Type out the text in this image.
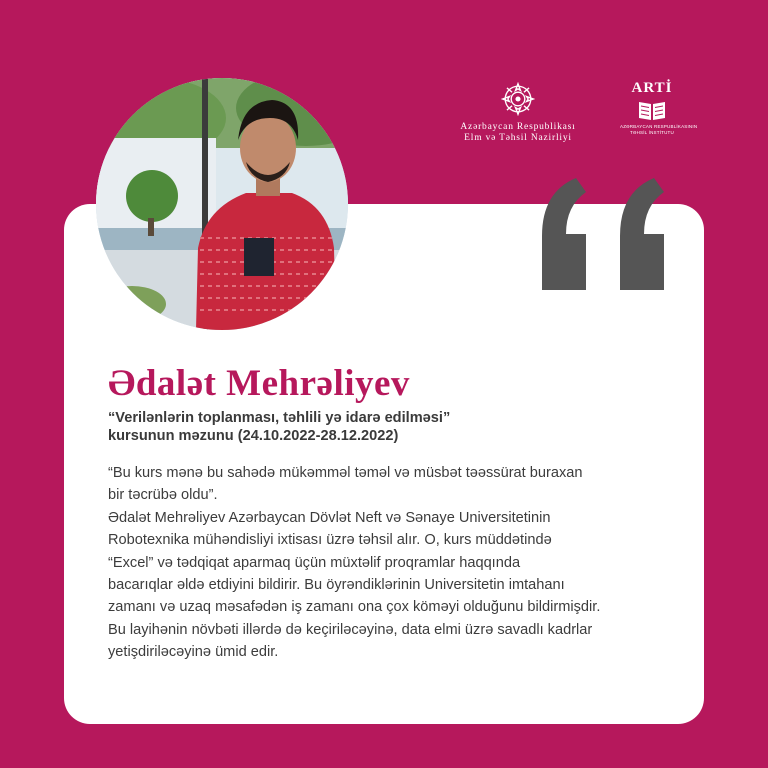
Azərbaycan Respublikası
Elm və Təhsil Nazirliyi
ARTİ
AZƏRBAYCAN RESPUBLİKASININ
TƏHSİL İNSTİTUTU
Ədalət Mehrəliyev
“Verilənlərin toplanması, təhlili yə idarə edilməsi”
kursunun məzunu (24.10.2022-28.12.2022)
“Bu kurs mənə bu sahədə mükəmməl təməl və müsbət təəssürat buraxan
bir təcrübə oldu”.
Ədalət Mehrəliyev Azərbaycan Dövlət Neft və Sənaye Universitetinin
Robotexnika mühəndisliyi ixtisası üzrə təhsil alır. O, kurs müddətində
“Excel” və tədqiqat aparmaq üçün müxtəlif proqramlar haqqında
bacarıqlar əldə etdiyini bildirir. Bu öyrəndiklərinin Universitetin imtahanı
zamanı və uzaq məsafədən iş zamanı ona çox köməyi olduğunu bildirmişdir.
Bu layihənin növbəti illərdə də keçiriləcəyinə, data elmi üzrə savadlı kadrlar
yetişdiriləcəyinə ümid edir.
